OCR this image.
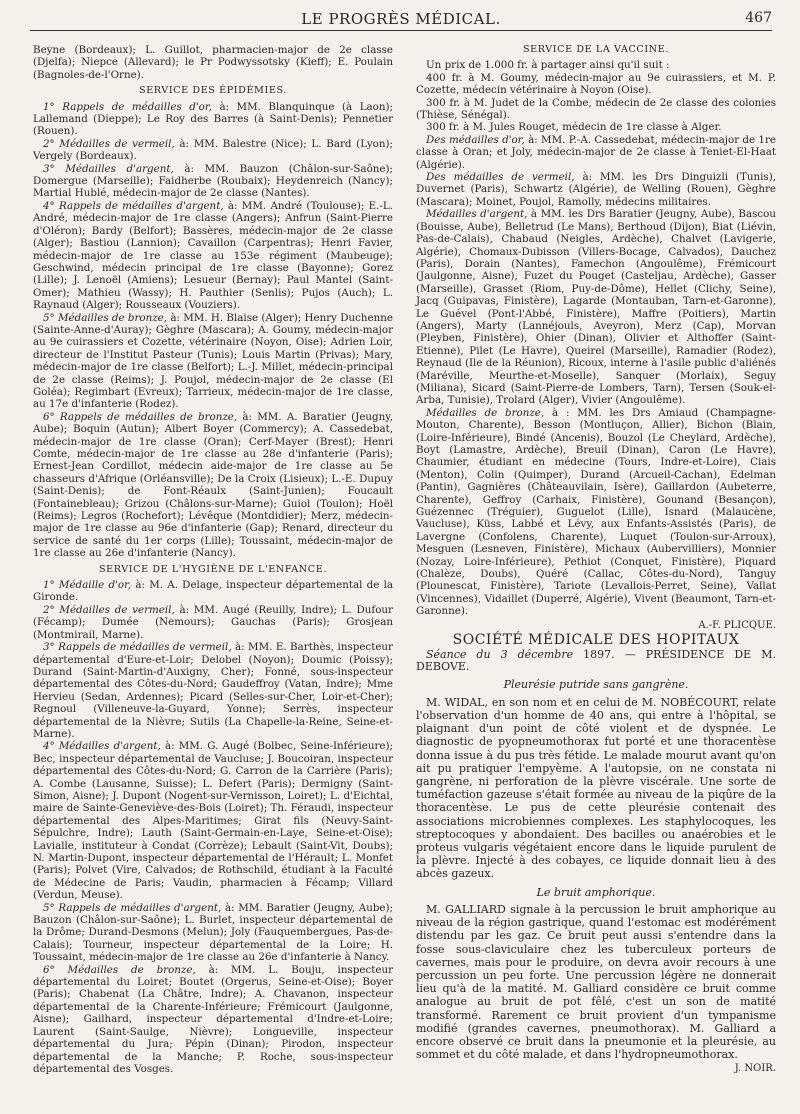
LE PROGRÈS MÉDICAL.	467

Beyne (Bordeaux); L. Guillot, pharmacien-major de 2e classe (Djelfa); Niepce (Allevard); le Pr Podwyssotsky (Kieff); E. Poulain (Bagnoles-de-l'Orne).

SERVICE DES ÉPIDÉMIES.

1° Rappels de médailles d'or, à: MM. Blanquinque (à Laon); Lallemand (Dieppe); Le Roy des Barres (à Saint-Denis); Pennetier (Rouen).

2° Médailles de vermeil, à: MM. Balestre (Nice); L. Bard (Lyon); Vergely (Bordeaux).

3° Médailles d'argent, à: MM. Bauzon (Châlon-sur-Saône); Domergue (Marseille); Faidherbe (Roubaix); Heydenreich (Nancy); Martial Hublé, médecin-major de 2e classe (Nantes).

4° Rappels de médailles d'argent, à: MM. André (Toulouse); E.-L. André, médecin-major de 1re classe (Angers); Anfrun (Saint-Pierre d'Oléron); Bardy (Belfort); Bassères, médecin-major de 2e classe (Alger); Bastiou (Lannion); Cavaillon (Carpentras); Henri Favier, médecin-major de 1re classe au 153e régiment (Maubeuge); Geschwind, médecin principal de 1re classe (Bayonne); Gorez (Lille); J. Lenoël (Amiens); Lesueur (Bernay); Paul Mantel (Saint-Omer); Mathieu (Wassy); H. Pauthier (Senlis); Pujos (Auch); L. Raynaud (Alger); Rousseaux (Vouziers).

5° Médailles de bronze, à: MM. H. Blaise (Alger); Henry Duchenne (Sainte-Anne-d'Auray); Gèghre (Mascara); A. Goumy, médecin-major au 9e cuirassiers et Cozette, vétérinaire (Noyon, Oise); Adrien Loir, directeur de l'Institut Pasteur (Tunis); Louis Martin (Privas); Mary, médecin-major de 1re classe (Belfort); L.-J. Millet, médecin-principal de 2e classe (Reims); J. Poujol, médecin-major de 2e classe (El Goléa); Regimbart (Evreux); Tarrieux, médecin-major de 1re classe, au 17e d'infanterie (Rodez).

6° Rappels de médailles de bronze, à: MM. A. Baratier (Jeugny, Aube); Boquin (Autun); Albert Boyer (Commercy); A. Cassedebat, médecin-major de 1re classe (Oran); Cerf-Mayer (Brest); Henri Comte, médecin-major de 1re classe au 28e d'infanterie (Paris); Ernest-Jean Cordillot, médecin aide-major de 1re classe au 5e chasseurs d'Afrique (Orléansville); De la Croix (Lisieux); L.-E. Dupuy (Saint-Denis); de Font-Réaulx (Saint-Junien); Foucault (Fontainebleau); Grizou (Châlons-sur-Marne); Guiol (Toulon); Hoël (Reims); Legros (Rochefort); Lévêque (Montdidier); Merz, médecin-major de 1re classe au 96e d'infanterie (Gap); Renard, directeur du service de santé du 1er corps (Lille); Toussaint, médecin-major de 1re classe au 26e d'infanterie (Nancy).

SERVICE DE L'HYGIÈNE DE L'ENFANCE.

1° Médaille d'or, à: M. A. Delage, inspecteur départemental de la Gironde.

2° Médailles de vermeil, à: MM. Augé (Reuilly, Indre); L. Dufour (Fécamp); Dumée (Nemours); Gauchas (Paris); Grosjean (Montmirail, Marne).

3° Rappels de médailles de vermeil, à: MM. E. Barthès, inspecteur départemental d'Eure-et-Loir; Delobel (Noyon); Doumic (Poissy); Durand (Saint-Martin-d'Auxigny, Cher); Fonné, sous-inspecteur départemental des Côtes-du-Nord; Gaudeffroy (Vatan, Indre); Mme Hervieu (Sedan, Ardennes); Picard (Selles-sur-Cher, Loir-et-Cher); Regnoul (Villeneuve-la-Guyard, Yonne); Serrès, inspecteur départemental de la Nièvre; Sutils (La Chapelle-la-Reine, Seine-et-Marne).

4° Médailles d'argent, à: MM. G. Augé (Bolbec, Seine-Inférieure); Bec, inspecteur départemental de Vaucluse; J. Boucoiran, inspecteur départemental des Côtes-du-Nord; G. Carron de la Carrière (Paris); A. Combe (Lausanne, Suisse); L. Defert (Paris); Dermigny (Saint-Simon, Aisne); J. Dupont (Nogent-sur-Vernisson, Loiret); L. d'Eichtal, maire de Sainte-Geneviève-des-Bois (Loiret); Th. Féraudi, inspecteur départemental des Alpes-Maritimes; Girat fils (Neuvy-Saint-Sépulchre, Indre); Lauth (Saint-Germain-en-Laye, Seine-et-Oise); Lavialle, instituteur à Condat (Corrèze); Lebault (Saint-Vit, Doubs); N. Martin-Dupont, inspecteur départemental de l'Hérault; L. Monfet (Paris); Polvet (Vire, Calvados; de Rothschild, étudiant à la Faculté de Médecine de Paris; Vaudin, pharmacien à Fécamp; Villard (Verdun, Meuse).

5° Rappels de médailles d'argent, à: MM. Baratier (Jeugny, Aube); Bauzon (Châlon-sur-Saône); L. Burlet, inspecteur départemental de la Drôme; Durand-Desmons (Melun); Joly (Fauquembergues, Pas-de-Calais); Tourneur, inspecteur départemental de la Loire; H. Toussaint, médecin-major de 1re classe au 26e d'infanterie à Nancy.

6° Médailles de bronze, à: MM. L. Bouju, inspecteur départemental du Loiret; Boutet (Orgerus, Seine-et-Oise); Boyer (Paris); Chabenat (La Châtre, Indre); A. Chavanon, inspecteur départemental de la Charente-Inférieure; Frémicourt (Jaulgonne, Aisne); Gailhard, inspecteur départemental d'Indre-et-Loire; Laurent (Saint-Saulge, Nièvre); Longueville, inspecteur départemental du Jura; Pépin (Dinan); Pirodon, inspecteur départemental de la Manche; P. Roche, sous-inspecteur départemental des Vosges.

SERVICE DE LA VACCINE.

Un prix de 1.000 fr. à partager ainsi qu'il suit :

400 fr. à M. Goumy, médecin-major au 9e cuirassiers, et M. P. Cozette, médecin vétérinaire à Noyon (Oise).

300 fr. à M. Judet de la Combe, médecin de 2e classe des colonies (Thièse, Sénégal).

300 fr. à M. Jules Rouget, médecin de 1re classe à Alger.

Des médailles d'or, à: MM. P.-A. Cassedebat, médecin-major de 1re classe à Oran; et Joly, médecin-major de 2e classe à Teniet-El-Haat (Algérie).

Des médailles de vermeil, à: MM. les Drs Dinguizli (Tunis), Duvernet (Paris), Schwartz (Algérie), de Welling (Rouen), Gèghre (Mascara); Moinet, Poujol, Ramolly, médecins militaires.

Médailles d'argent, à MM. les Drs Baratier (Jeugny, Aube), Bascou (Bouisse, Aube), Belletrud (Le Mans), Berthoud (Dijon), Biat (Liévin, Pas-de-Calais), Chabaud (Neigles, Ardèche), Chalvet (Lavigerie, Algérie), Chomaux-Dubisson (Villers-Bocage, Calvados), Dauchez (Paris), Dorain (Nantes), Famechon (Angoulême), Frémicourt (Jaulgonne, Aisne), Fuzet du Pouget (Casteljau, Ardèche), Gasser (Marseille), Grasset (Riom, Puy-de-Dôme), Hellet (Clichy, Seine), Jacq (Guipavas, Finistère), Lagarde (Montauban, Tarn-et-Garonne), Le Guével (Pont-l'Abbé, Finistère), Maffre (Poitiers), Martin (Angers), Marty (Lannéjouls, Aveyron), Merz (Cap), Morvan (Pleyben, Finistère), Ohier (Dinan), Olivier et Althoffer (Saint-Etienne), Pilet (Le Havre), Queirel (Marseille), Ramadier (Rodez), Reynaud (Ile de la Réunion), Ricoux, interne à l'asile public d'aliénés (Maréville, Meurthe-et-Moselle), Sanquer (Morlaix), Seguy (Miliana), Sicard (Saint-Pierre-de Lombers, Tarn), Tersen (Souk-el-Arba, Tunisie), Trolard (Alger), Vivier (Angoulême).

Médailles de bronze, à : MM. les Drs Amiaud (Champagne-Mouton, Charente), Besson (Montluçon, Allier), Bichon (Blain, (Loire-Inférieure), Bindé (Ancenis), Bouzol (Le Cheylard, Ardèche), Boyt (Lamastre, Ardèche), Breuil (Dinan), Caron (Le Havre), Chaumier, étudiant en médecine (Tours, Indre-et-Loire), Ciais (Menton), Colin (Quimper), Durand (Arcueil-Cachan), Edelman (Pantin), Gagnières (Châteauvilain, Isère), Gaillardon (Aubeterre, Charente), Geffroy (Carhaix, Finistère), Gounand (Besançon), Guézennec (Tréguier), Guguelot (Lille), Isnard (Malaucène, Vaucluse), Küss, Labbé et Lévy, aux Enfants-Assistés (Paris), de Lavergne (Confolens, Charente), Luquet (Toulon-sur-Arroux), Mesguen (Lesneven, Finistère), Michaux (Aubervilliers), Monnier (Nozay, Loire-Inférieure), Pethiot (Conquet, Finistère), Piquard (Chalèze, Doubs), Quéré (Callac, Côtes-du-Nord), Tanguy (Plounescat, Finistère), Tariote (Levallois-Perret, Seine), Vallat (Vincennes), Vidaillet (Duperré, Algérie), Vivent (Beaumont, Tarn-et-Garonne).

A.-F. PLICQUE.
SOCIÉTÉ MÉDICALE DES HOPITAUX

Séance du 3 décembre 1897. — PRÉSIDENCE DE M. DEBOVE.

Pleurésie putride sans gangrène.

M. WIDAL, en son nom et en celui de M. NOBÉCOURT, relate l'observation d'un homme de 40 ans, qui entre à l'hôpital, se plaignant d'un point de côté violent et de dyspnée. Le diagnostic de pyopneumothorax fut porté et une thoracentèse donna issue à du pus très fétide. Le malade mourut avant qu'on ait pu pratiquer l'empyème. A l'autopsie, on ne constata ni gangrène, ni perforation de la plèvre viscérale. Une sorte de tuméfaction gazeuse s'était formée au niveau de la piqûre de la thoracentèse. Le pus de cette pleurésie contenait des associations microbiennes complexes. Les staphylocoques, les streptocoques y abondaient. Des bacilles ou anaérobies et le proteus vulgaris végétaient encore dans le liquide purulent de la plèvre. Injecté à des cobayes, ce liquide donnait lieu à des abcès gazeux.

Le bruit amphorique.

M. GALLIARD signale à la percussion le bruit amphorique au niveau de la région gastrique, quand l'estomac est modérément distendu par les gaz. Ce bruit peut aussi s'entendre dans la fosse sous-claviculaire chez les tuberculeux porteurs de cavernes, mais pour le produire, on devra avoir recours à une percussion un peu forte. Une percussion légère ne donnerait lieu qu'à de la matité. M. Galliard considère ce bruit comme analogue au bruit de pot fêlé, c'est un son de matité transformé. Rarement ce bruit provient d'un tympanisme modifié (grandes cavernes, pneumothorax). M. Galliard a encore observé ce bruit dans la pneumonie et la pleurésie, au sommet et du côté malade, et dans l'hydropneumothorax.

J. NOIR.
